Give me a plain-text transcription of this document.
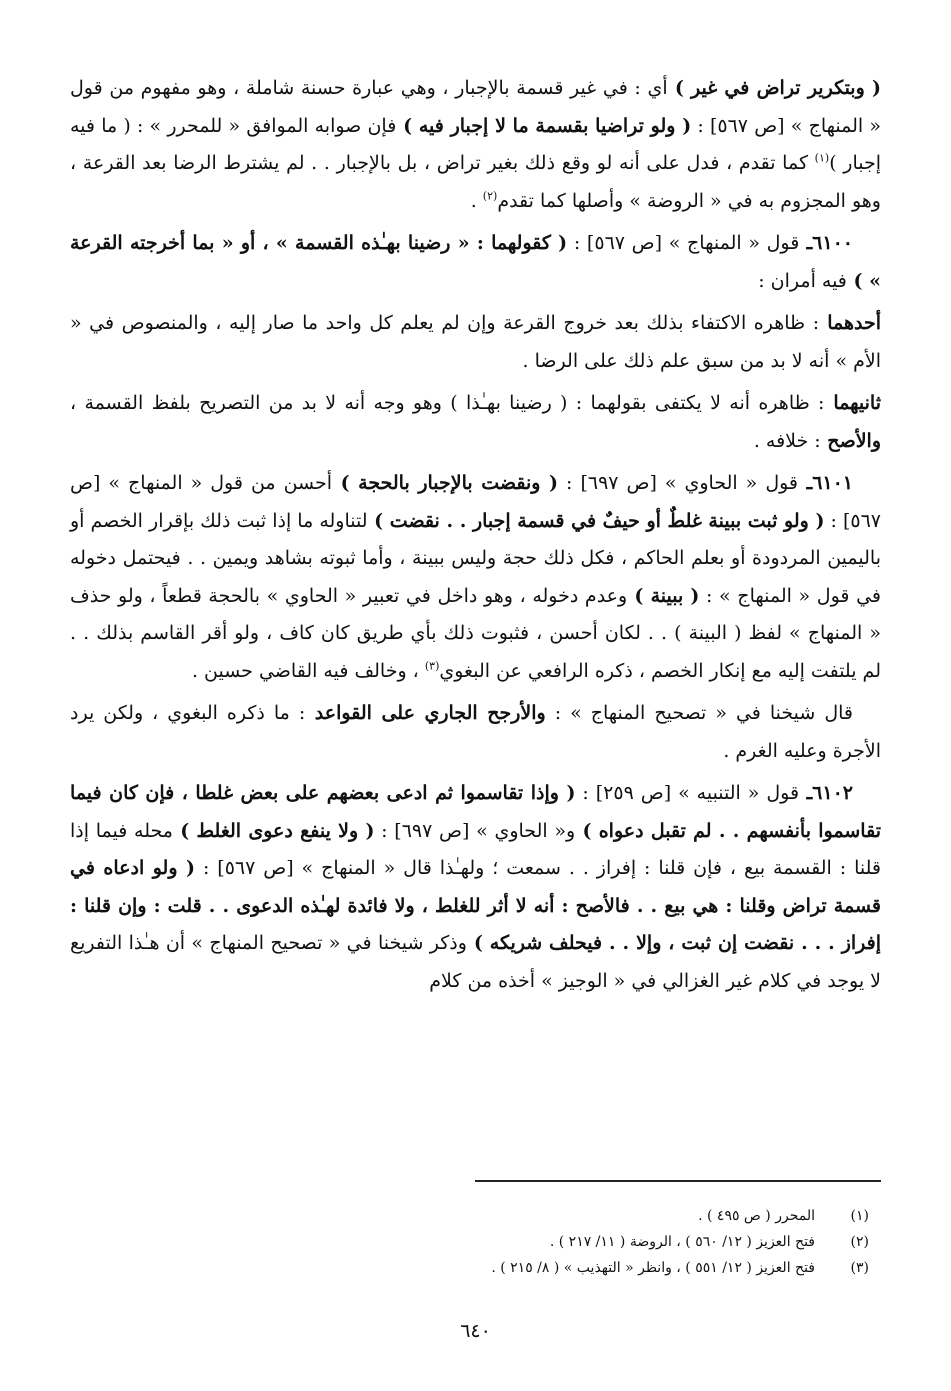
( وبتكرير تراض في غير ) أي : في غير قسمة بالإجبار ، وهي عبارة حسنة شاملة ، وهو مفهوم من قول « المنهاج » [ص ٥٦٧] : ( ولو تراضيا بقسمة ما لا إجبار فيه ) فإن صوابه الموافق « للمحرر » : ( ما فيه إجبار )$^{(١)}$ كما تقدم ، فدل على أنه لو وقع ذلك بغير تراض ، بل بالإجبار . . لم يشترط الرضا بعد القرعة ، وهو المجزوم به في « الروضة » وأصلها كما تقدم$^{(٢)}$ .

٦١٠٠ـ قول « المنهاج » [ص ٥٦٧] : ( كقولهما : « رضينا بهـٰذه القسمة » ، أو « بما أخرجته القرعة » ) فيه أمران :

أحدهما : ظاهره الاكتفاء بذلك بعد خروج القرعة وإن لم يعلم كل واحد ما صار إليه ، والمنصوص في « الأم » أنه لا بد من سبق علم ذلك على الرضا .

ثانيهما : ظاهره أنه لا يكتفى بقولهما : ( رضينا بهـٰذا ) وهو وجه أنه لا بد من التصريح بلفظ القسمة ، والأصح : خلافه .

٦١٠١ـ قول « الحاوي » [ص ٦٩٧] : ( ونقضت بالإجبار بالحجة ) أحسن من قول « المنهاج » [ص ٥٦٧] : ( ولو ثبت ببينة غلطٌ أو حيفٌ في قسمة إجبار . . نقضت ) لتناوله ما إذا ثبت ذلك بإقرار الخصم أو باليمين المردودة أو بعلم الحاكم ، فكل ذلك حجة وليس ببينة ، وأما ثبوته بشاهد ويمين . . فيحتمل دخوله في قول « المنهاج » : ( ببينة ) وعدم دخوله ، وهو داخل في تعبير « الحاوي » بالحجة قطعاً ، ولو حذف « المنهاج » لفظ ( البينة ) . . لكان أحسن ، فثبوت ذلك بأي طريق كان كاف ، ولو أقر القاسم بذلك . . لم يلتفت إليه مع إنكار الخصم ، ذكره الرافعي عن البغوي$^{(٣)}$ ، وخالف فيه القاضي حسين .

قال شيخنا في « تصحيح المنهاج » : والأرجح الجاري على القواعد : ما ذكره البغوي ، ولكن يرد الأجرة وعليه الغرم .

٦١٠٢ـ قول « التنبيه » [ص ٢٥٩] : ( وإذا تقاسموا ثم ادعى بعضهم على بعض غلطا ، فإن كان فيما تقاسموا بأنفسهم . . لم تقبل دعواه ) و« الحاوي » [ص ٦٩٧] : ( ولا ينفع دعوى الغلط ) محله فيما إذا قلنا : القسمة بيع ، فإن قلنا : إفراز . . سمعت ؛ ولهـٰذا قال « المنهاج » [ص ٥٦٧] : ( ولو ادعاه في قسمة تراض وقلنا : هي بيع . . فالأصح : أنه لا أثر للغلط ، ولا فائدة لهـٰذه الدعوى . . قلت : وإن قلنا : إفراز . . . نقضت إن ثبت ، وإلا . . فيحلف شريكه ) وذكر شيخنا في « تصحيح المنهاج » أن هـٰذا التفريع لا يوجد في كلام غير الغزالي في « الوجيز » أخذه من كلام

(١)
المحرر ( ص ٤٩٥ ) .
(٢)
فتح العزيز ( ١٢/ ٥٦٠ ) ، الروضة ( ١١/ ٢١٧ ) .
(٣)
فتح العزيز ( ١٢/ ٥٥١ ) ، وانظر « التهذيب » ( ٨/ ٢١٥ ) .
٦٤٠
